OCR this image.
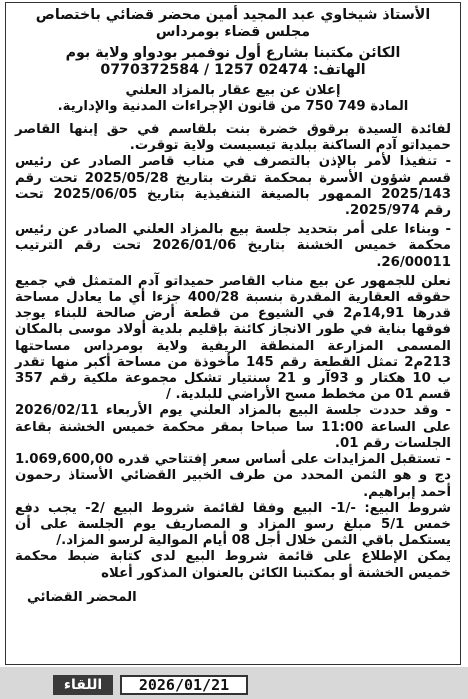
الأستاذ شيخاوي عبد المجيد أمين محضر قضائي باختصاص

مجلس قضاء بومرداس

الكائن مكتبنا بشارع أول نوفمبر بودواو ولاية بوم

الهاتف: 02474 1257 / 0770372584

إعلان عن بيع عقار بالمزاد العلني

المادة 749 750 من قانون الإجراءات المدنية والإدارية.

لفائدة السيدة برقوق خضرة بنت بلقاسم في حق إبنها القاصر حميداتو آدم الساكنة ببلدية تيسيست ولاية توقرت.

- تنفيذا لأمر بالإذن بالتصرف في مناب قاصر الصادر عن رئيس قسم شؤون الأسرة بمحكمة تقرت بتاريخ 2025/05/28 تحت رقم 2025/143 الممهور بالصيغة التنفيذية بتاريخ 2025/06/05 تحت رقم 2025/974.

- وبناءا على أمر بتحديد جلسة بيع بالمزاد العلني الصادر عن رئيس محكمة خميس الخشنة بتاريخ 2026/01/06 تحت رقم الترتيب 26/00011.

نعلن للجمهور عن بيع مناب القاصر حميداتو آدم المتمثل في جميع حقوقه العقارية المقدرة بنسبة 400/28 جزءا أي ما يعادل مساحة قدرها 14,91م2 في الشيوع من قطعة أرض صالحة للبناء يوجد فوقها بناية في طور الانجاز كائنة بإقليم بلدية أولاد موسى بالمكان المسمى المزارعة المنطقة الريفية ولاية بومرداس مساحتها 213م2 تمثل القطعة رقم 145 مأخوذة من مساحة أكبر منها تقدر ب 10 هكتار و 93آر و 21 سنتيار تشكل مجموعة ملكية رقم 357 قسم 01 من مخطط مسح الأراضي للبلدية. /

- وقد حددت جلسة البيع بالمزاد العلني يوم الأربعاء 2026/02/11 على الساعة 11:00 سا صباحا بمقر محكمة خميس الخشنة بقاعة الجلسات رقم 01.

- تستقبل المزايدات على أساس سعر إفتتاحي قدره 1.069,600,00 دج و هو الثمن المحدد من طرف الخبير القضائي الأستاذ رحمون أحمد إبراهيم.

شروط البيع: -/1- البيع وفقا لقائمة شروط البيع /2- يجب دفع خمس 5/1 مبلغ رسو المزاد و المصاريف يوم الجلسة على أن يستكمل باقي الثمن خلال أجل 08 أيام الموالية لرسو المزاد./

يمكن الإطلاع على قائمة شروط البيع لدى كتابة ضبط محكمة خميس الخشنة أو بمكتبنا الكائن بالعنوان المذكور أعلاه

المحضر القضائي

اللقاء	2026/01/21
